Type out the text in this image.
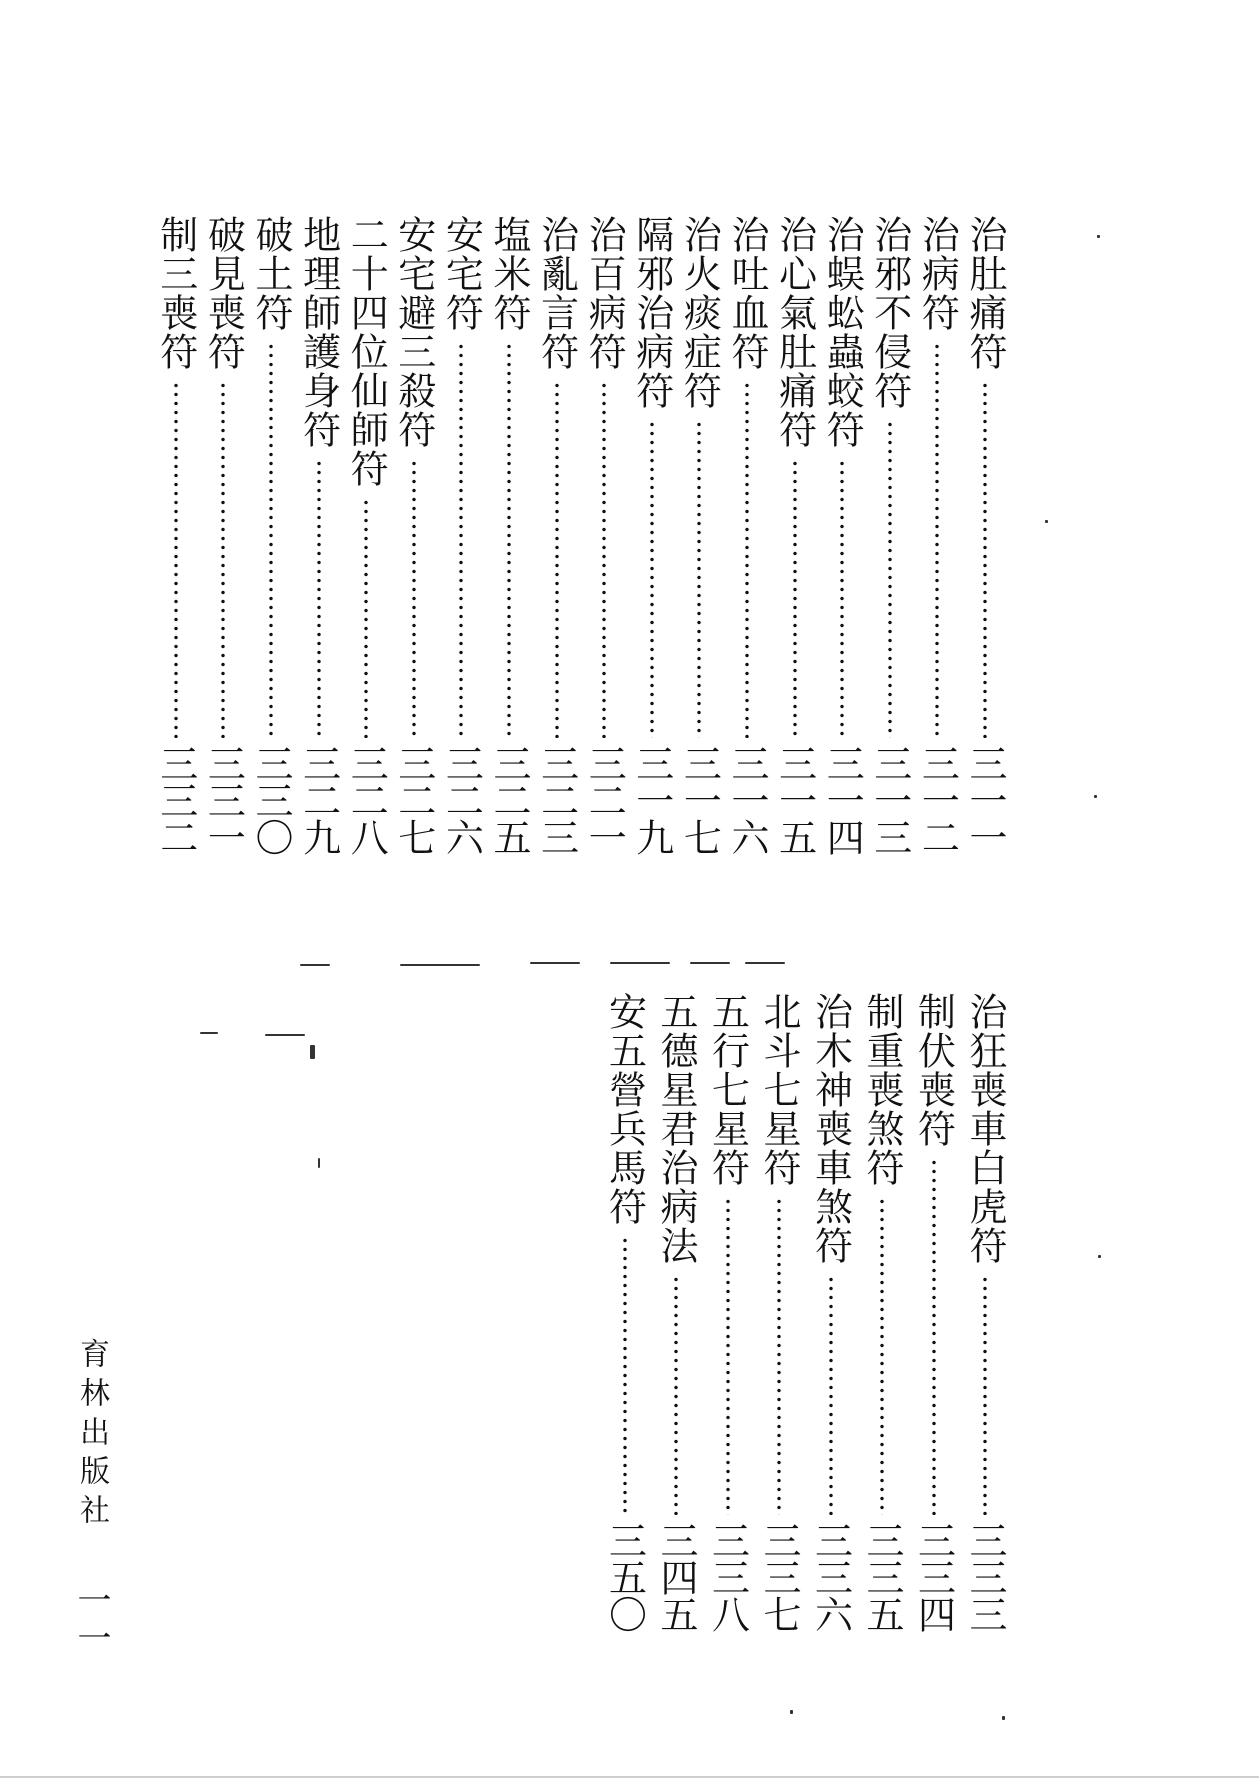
治肚痛符
三一一
治病符
三一二
治邪不侵符
三一三
治蜈蚣蟲蛟符
三一四
治心氣肚痛符
三一五
治吐血符
三一六
治火痰症符
三一七
隔邪治病符
三一九
治百病符
三二一
治亂言符
三二三
塩米符
三二五
安宅符
三二六
安宅避三殺符
三二七
二十四位仙師符
三二八
地理師護身符
三二九
破土符
三三〇
破見喪符
三三一
制三喪符
三三二
治狂喪車白虎符
三三三
制伏喪符
三三四
制重喪煞符
三三五
治木神喪車煞符
三三六
北斗七星符
三三七
五行七星符
三三八
五德星君治病法
三四五
安五營兵馬符
三五〇
育林出版社
一一
